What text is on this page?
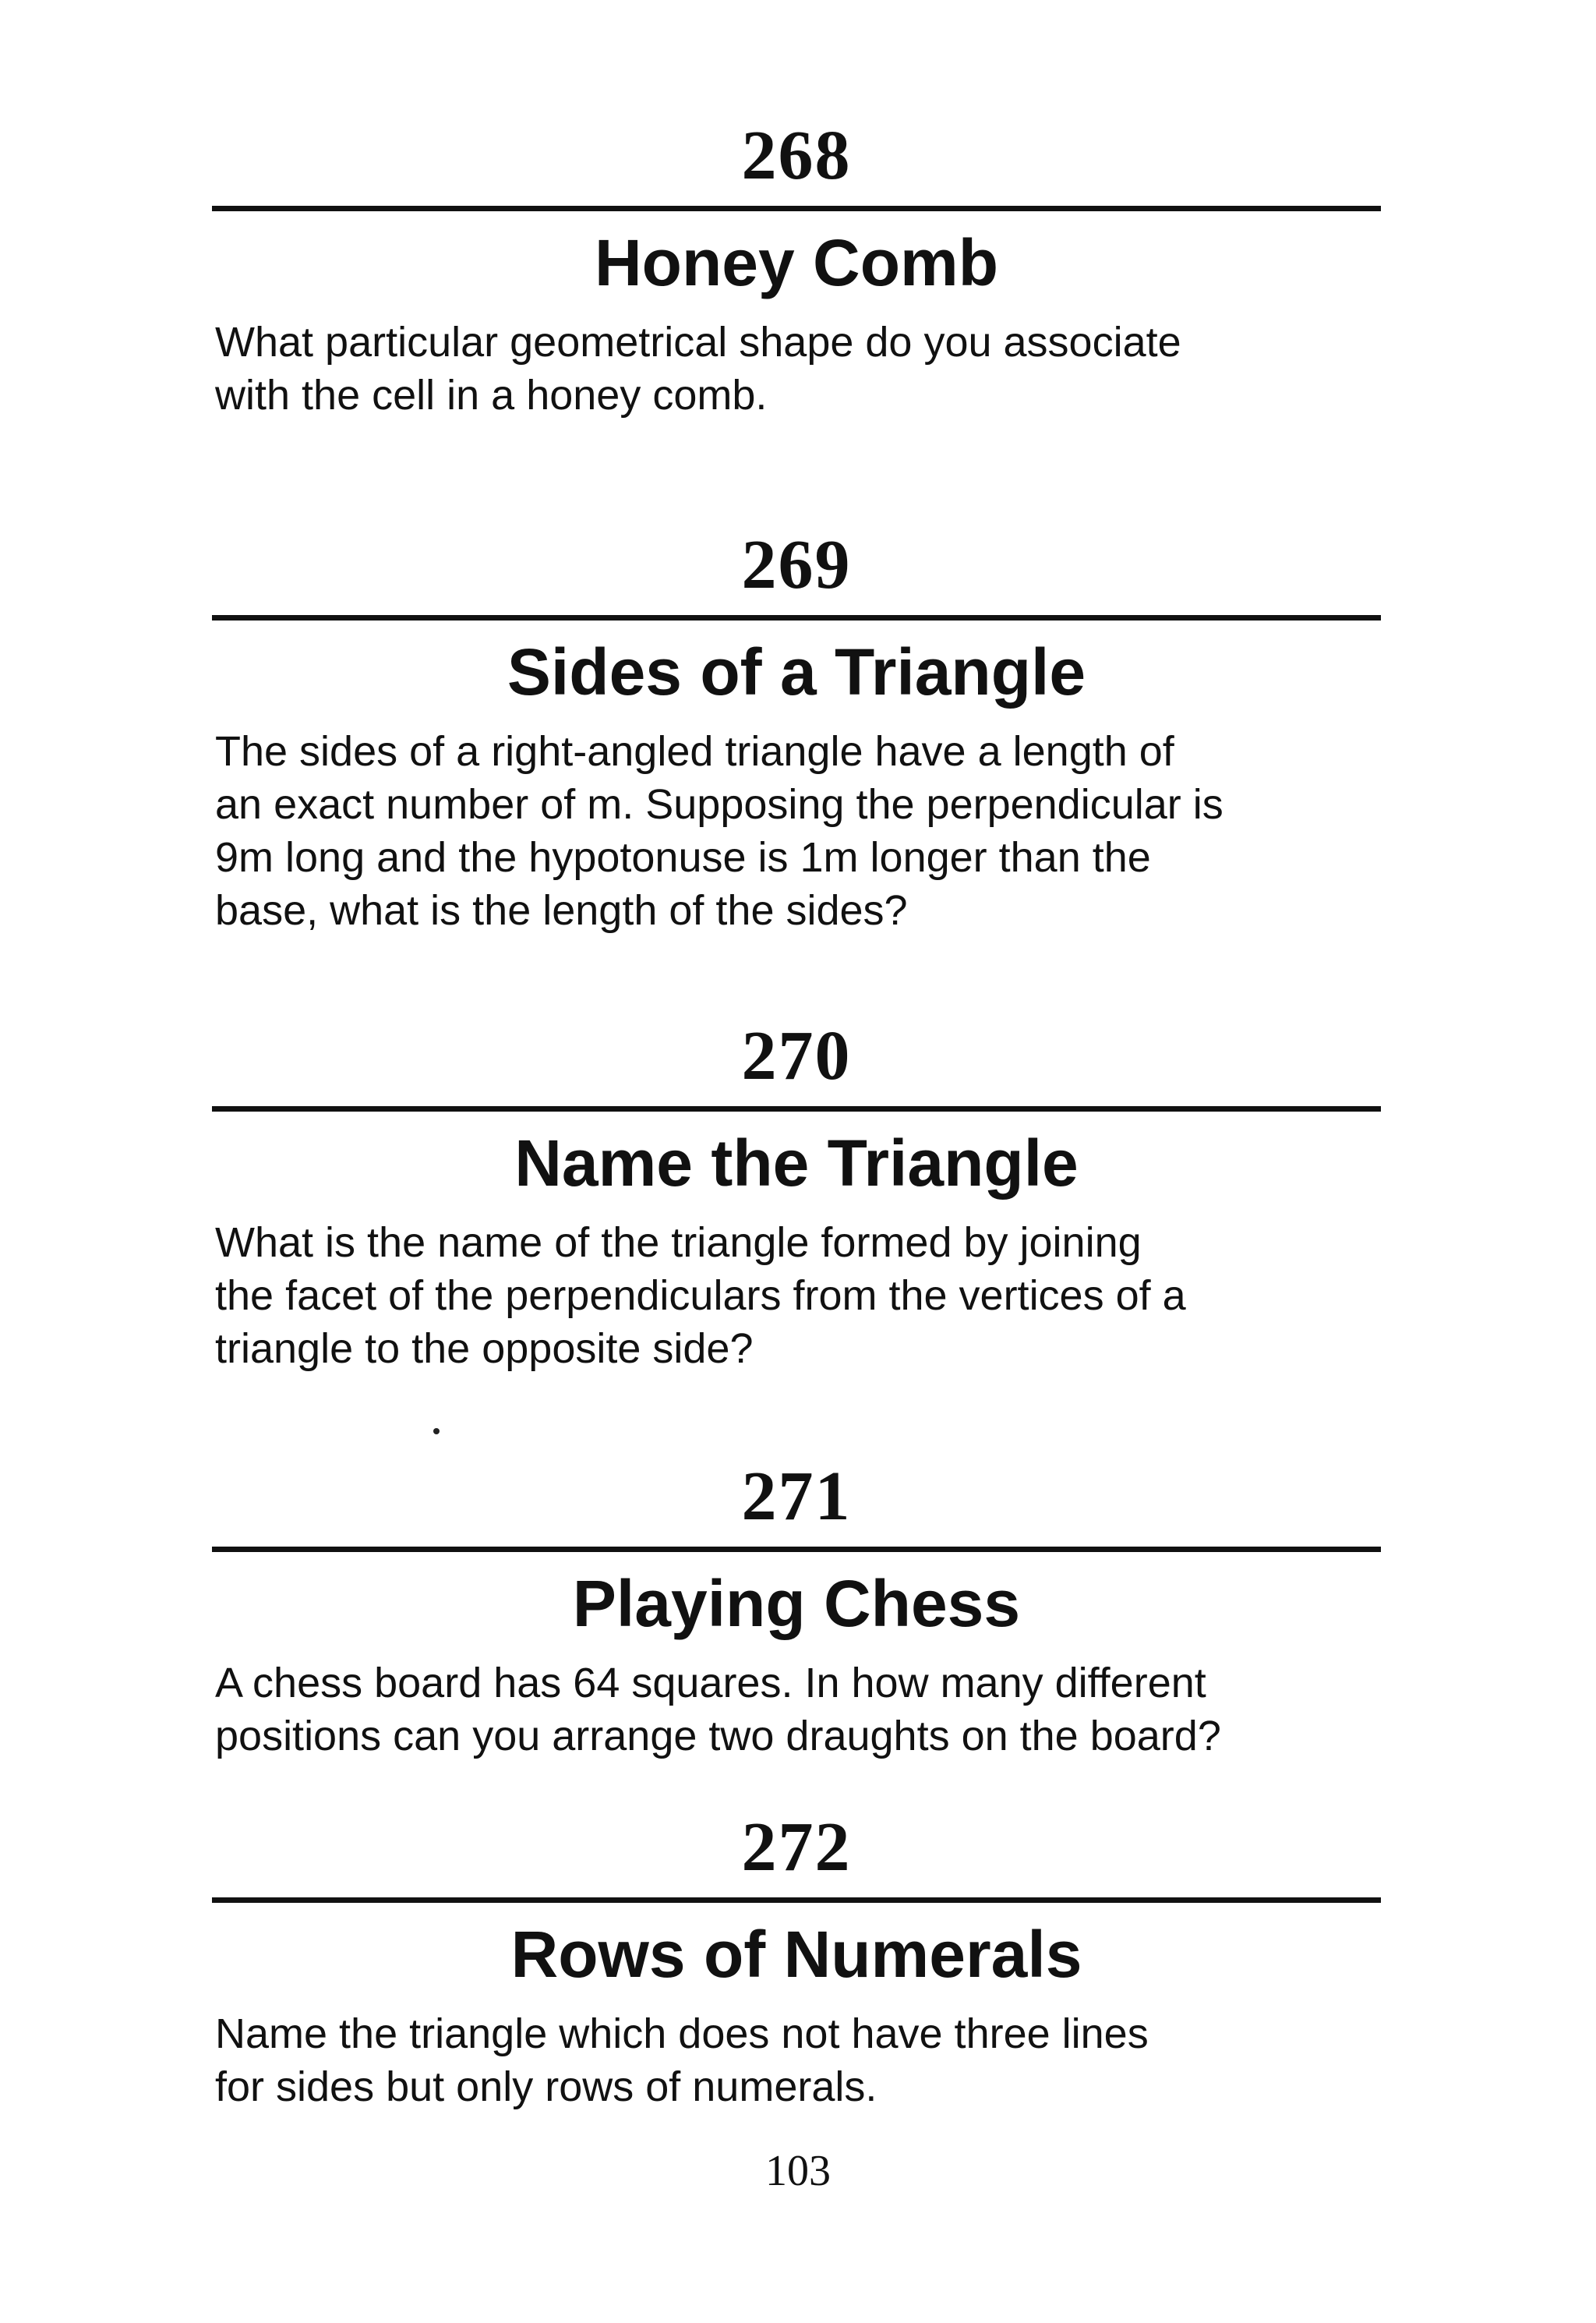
268
Honey Comb
What particular geometrical shape do you associate
with the cell in a honey comb.
269
Sides of a Triangle
The sides of a right-angled triangle have a length of
an exact number of m. Supposing the perpendicular is
9m long and the hypotonuse is 1m longer than the
base, what is the length of the sides?
270
Name the Triangle
What is the name of the triangle formed by joining
the facet of the perpendiculars from the vertices of a
triangle to the opposite side?
271
Playing Chess
A chess board has 64 squares. In how many different
positions can you arrange two draughts on the board?
272
Rows of Numerals
Name the triangle which does not have three lines
for sides but only rows of numerals.
103
